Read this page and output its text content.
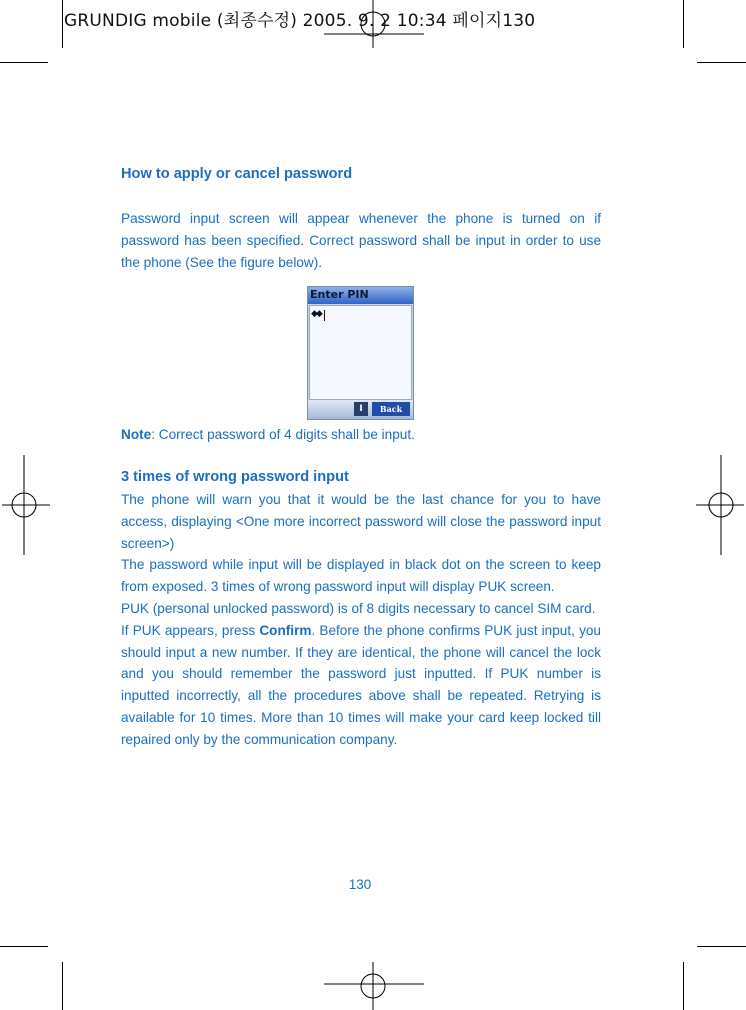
GRUNDIG mobile (최종수정) 2005. 9. 2 10:34 페이지130
How to apply or cancel password

Password input screen will appear whenever the phone is turned on if password has been specified. Correct password shall be input in order to use the phone (See the figure below).

Enter PIN
◆◆
I	Back

Note: Correct password of 4 digits shall be input.

3 times of wrong password input

The phone will warn you that it would be the last chance for you to have access, displaying <One more incorrect password will close the password input screen>)

The password while input will be displayed in black dot on the screen to keep from exposed. 3 times of wrong password input will display PUK screen.

PUK (personal unlocked password) is of 8 digits necessary to cancel SIM card.

If PUK appears, press Confirm. Before the phone confirms PUK just input, you should input a new number. If they are identical, the phone will cancel the lock and you should remember the password just inputted. If PUK number is inputted incorrectly, all the procedures above shall be repeated. Retrying is available for 10 times. More than 10 times will make your card keep locked till repaired only by the communication company.

130
